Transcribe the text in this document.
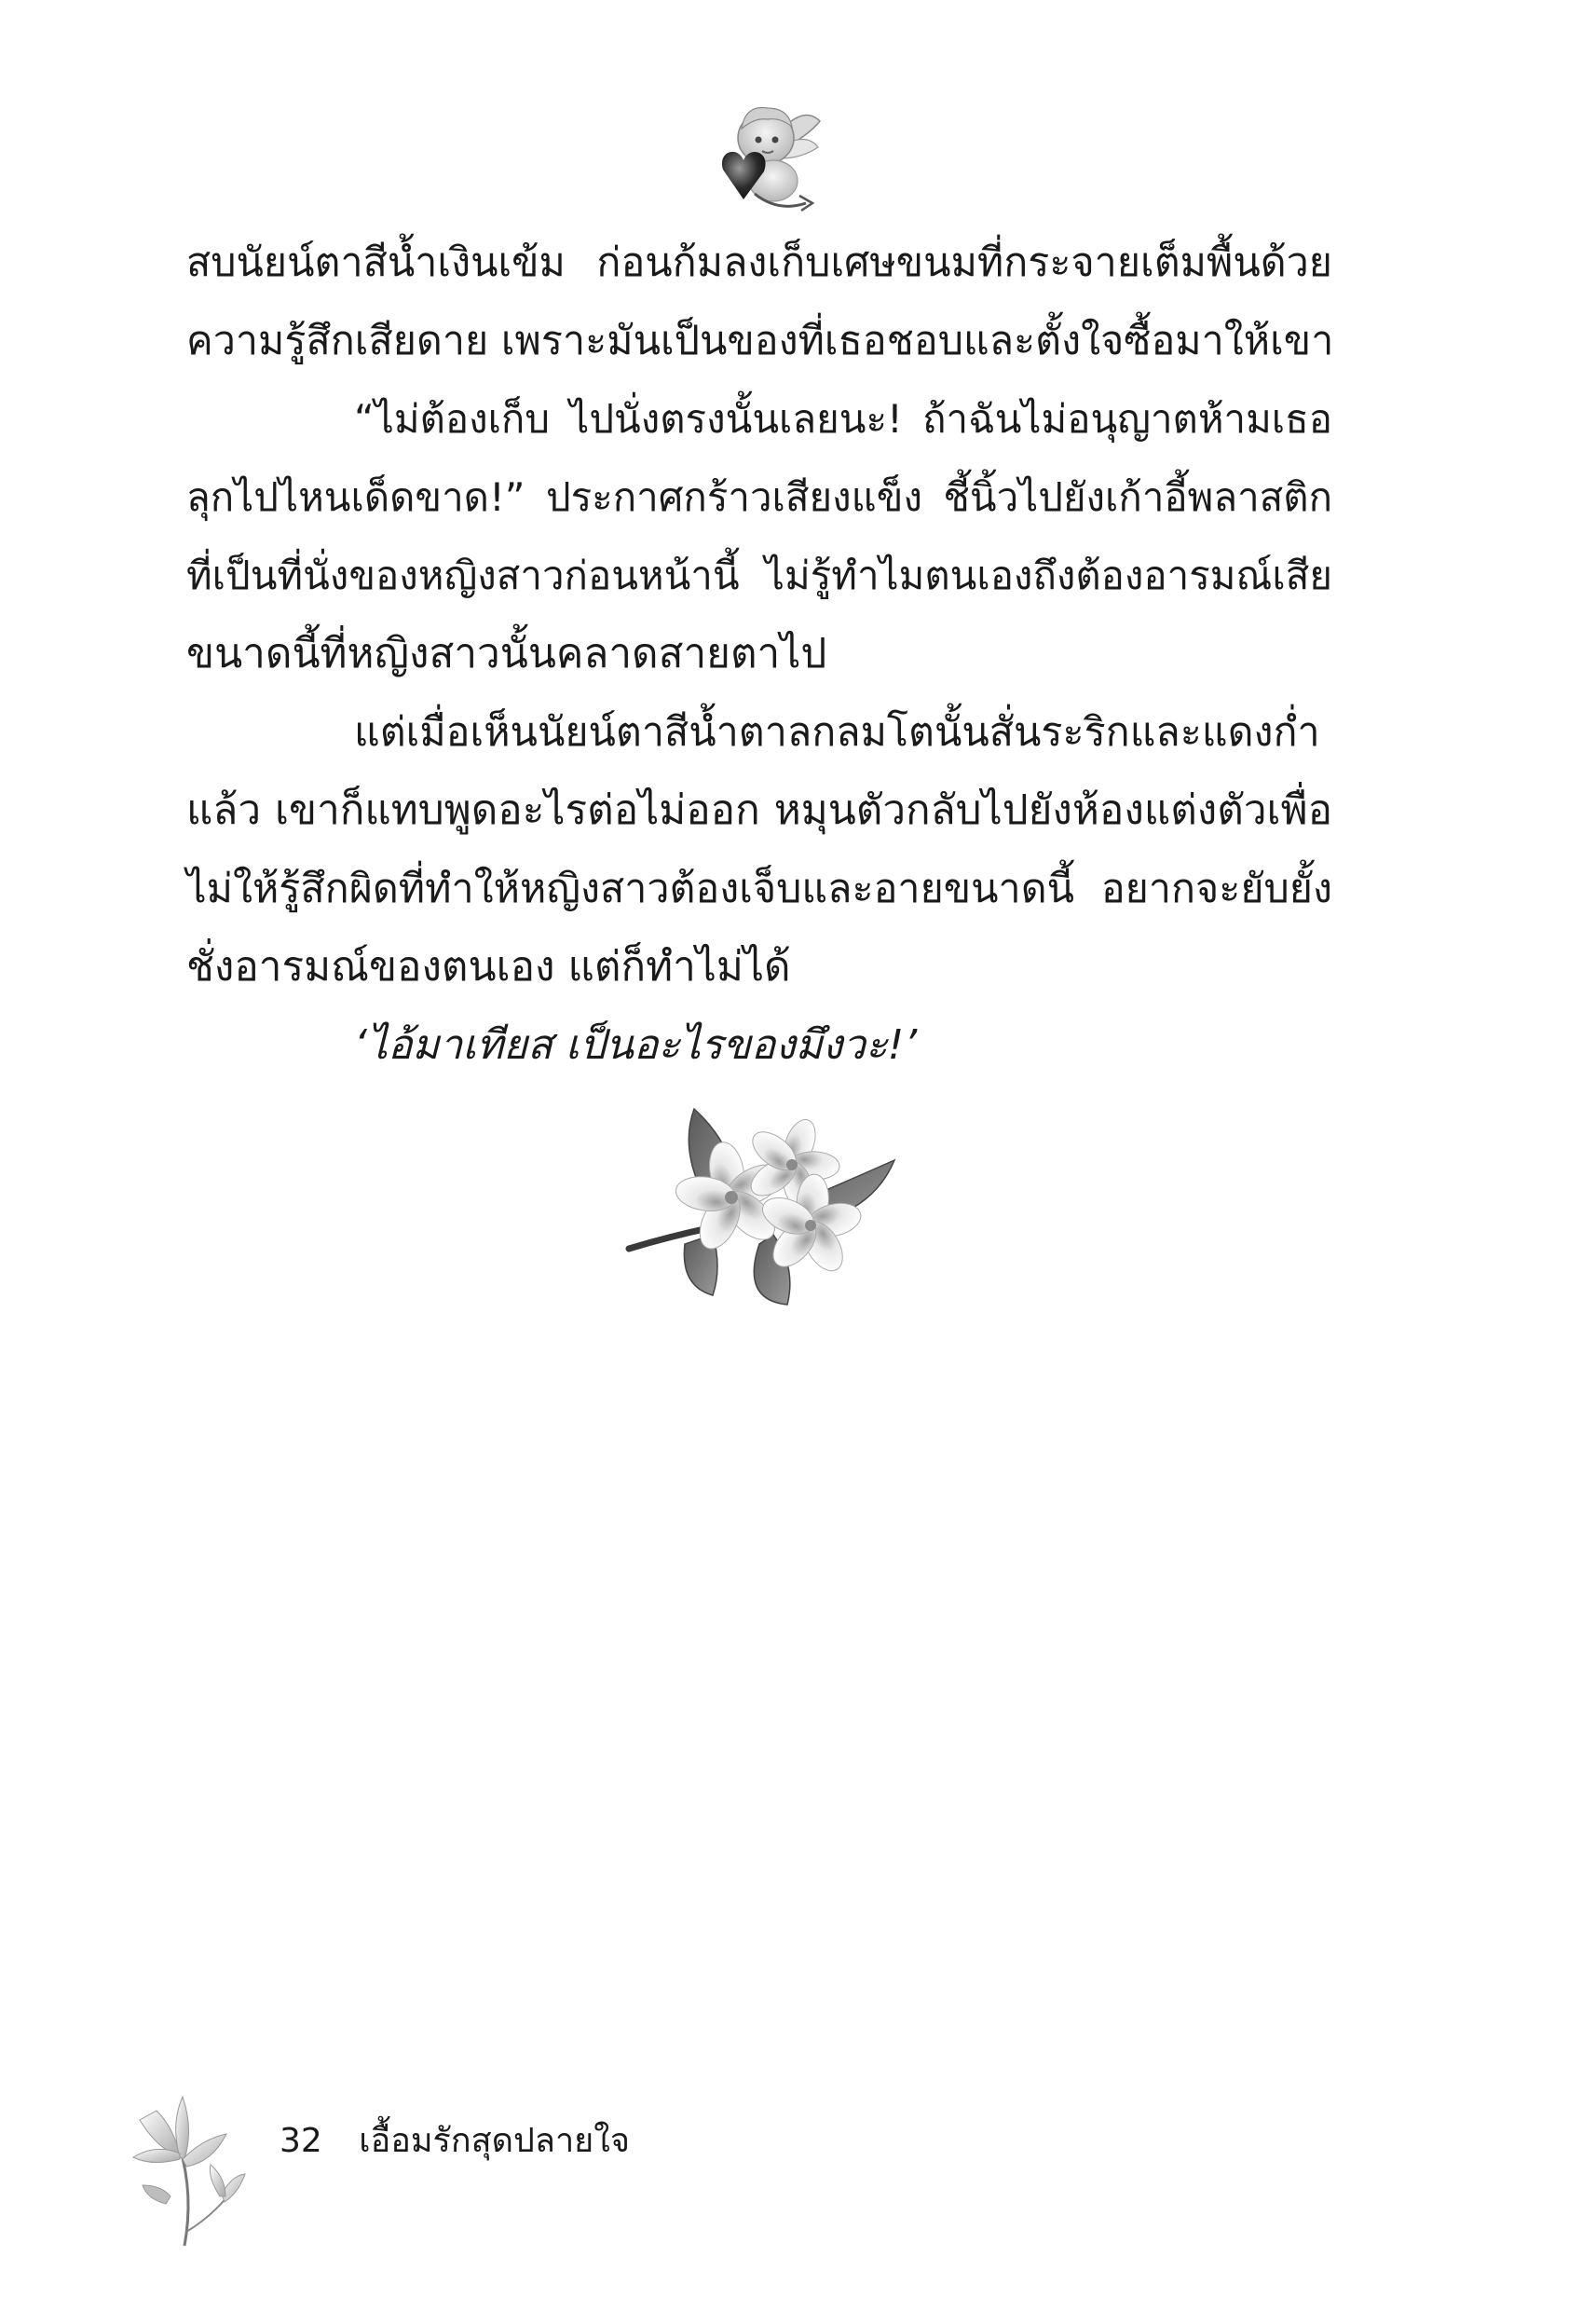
สบนัยน์ตาสีน้ำเงินเข้ม ก่อนก้มลงเก็บเศษขนมที่กระจายเต็มพื้นด้วย
ความรู้สึกเสียดาย เพราะมันเป็นของที่เธอชอบและตั้งใจซื้อมาให้เขา
“ไม่ต้องเก็บ ไปนั่งตรงนั้นเลยนะ! ถ้าฉันไม่อนุญาตห้ามเธอ
ลุกไปไหนเด็ดขาด!” ประกาศกร้าวเสียงแข็ง ชี้นิ้วไปยังเก้าอี้พลาสติก
ที่เป็นที่นั่งของหญิงสาวก่อนหน้านี้ ไม่รู้ทำไมตนเองถึงต้องอารมณ์เสีย
ขนาดนี้ที่หญิงสาวนั้นคลาดสายตาไป
แต่เมื่อเห็นนัยน์ตาสีน้ำตาลกลมโตนั้นสั่นระริกและแดงก่ำ
แล้ว เขาก็แทบพูดอะไรต่อไม่ออก หมุนตัวกลับไปยังห้องแต่งตัวเพื่อ
ไม่ให้รู้สึกผิดที่ทำให้หญิงสาวต้องเจ็บและอายขนาดนี้ อยากจะยับยั้ง
ชั่งอารมณ์ของตนเอง แต่ก็ทำไม่ได้
‘ไอ้มาเทียส เป็นอะไรของมึงวะ!’
32 เอื้อมรักสุดปลายใจ
